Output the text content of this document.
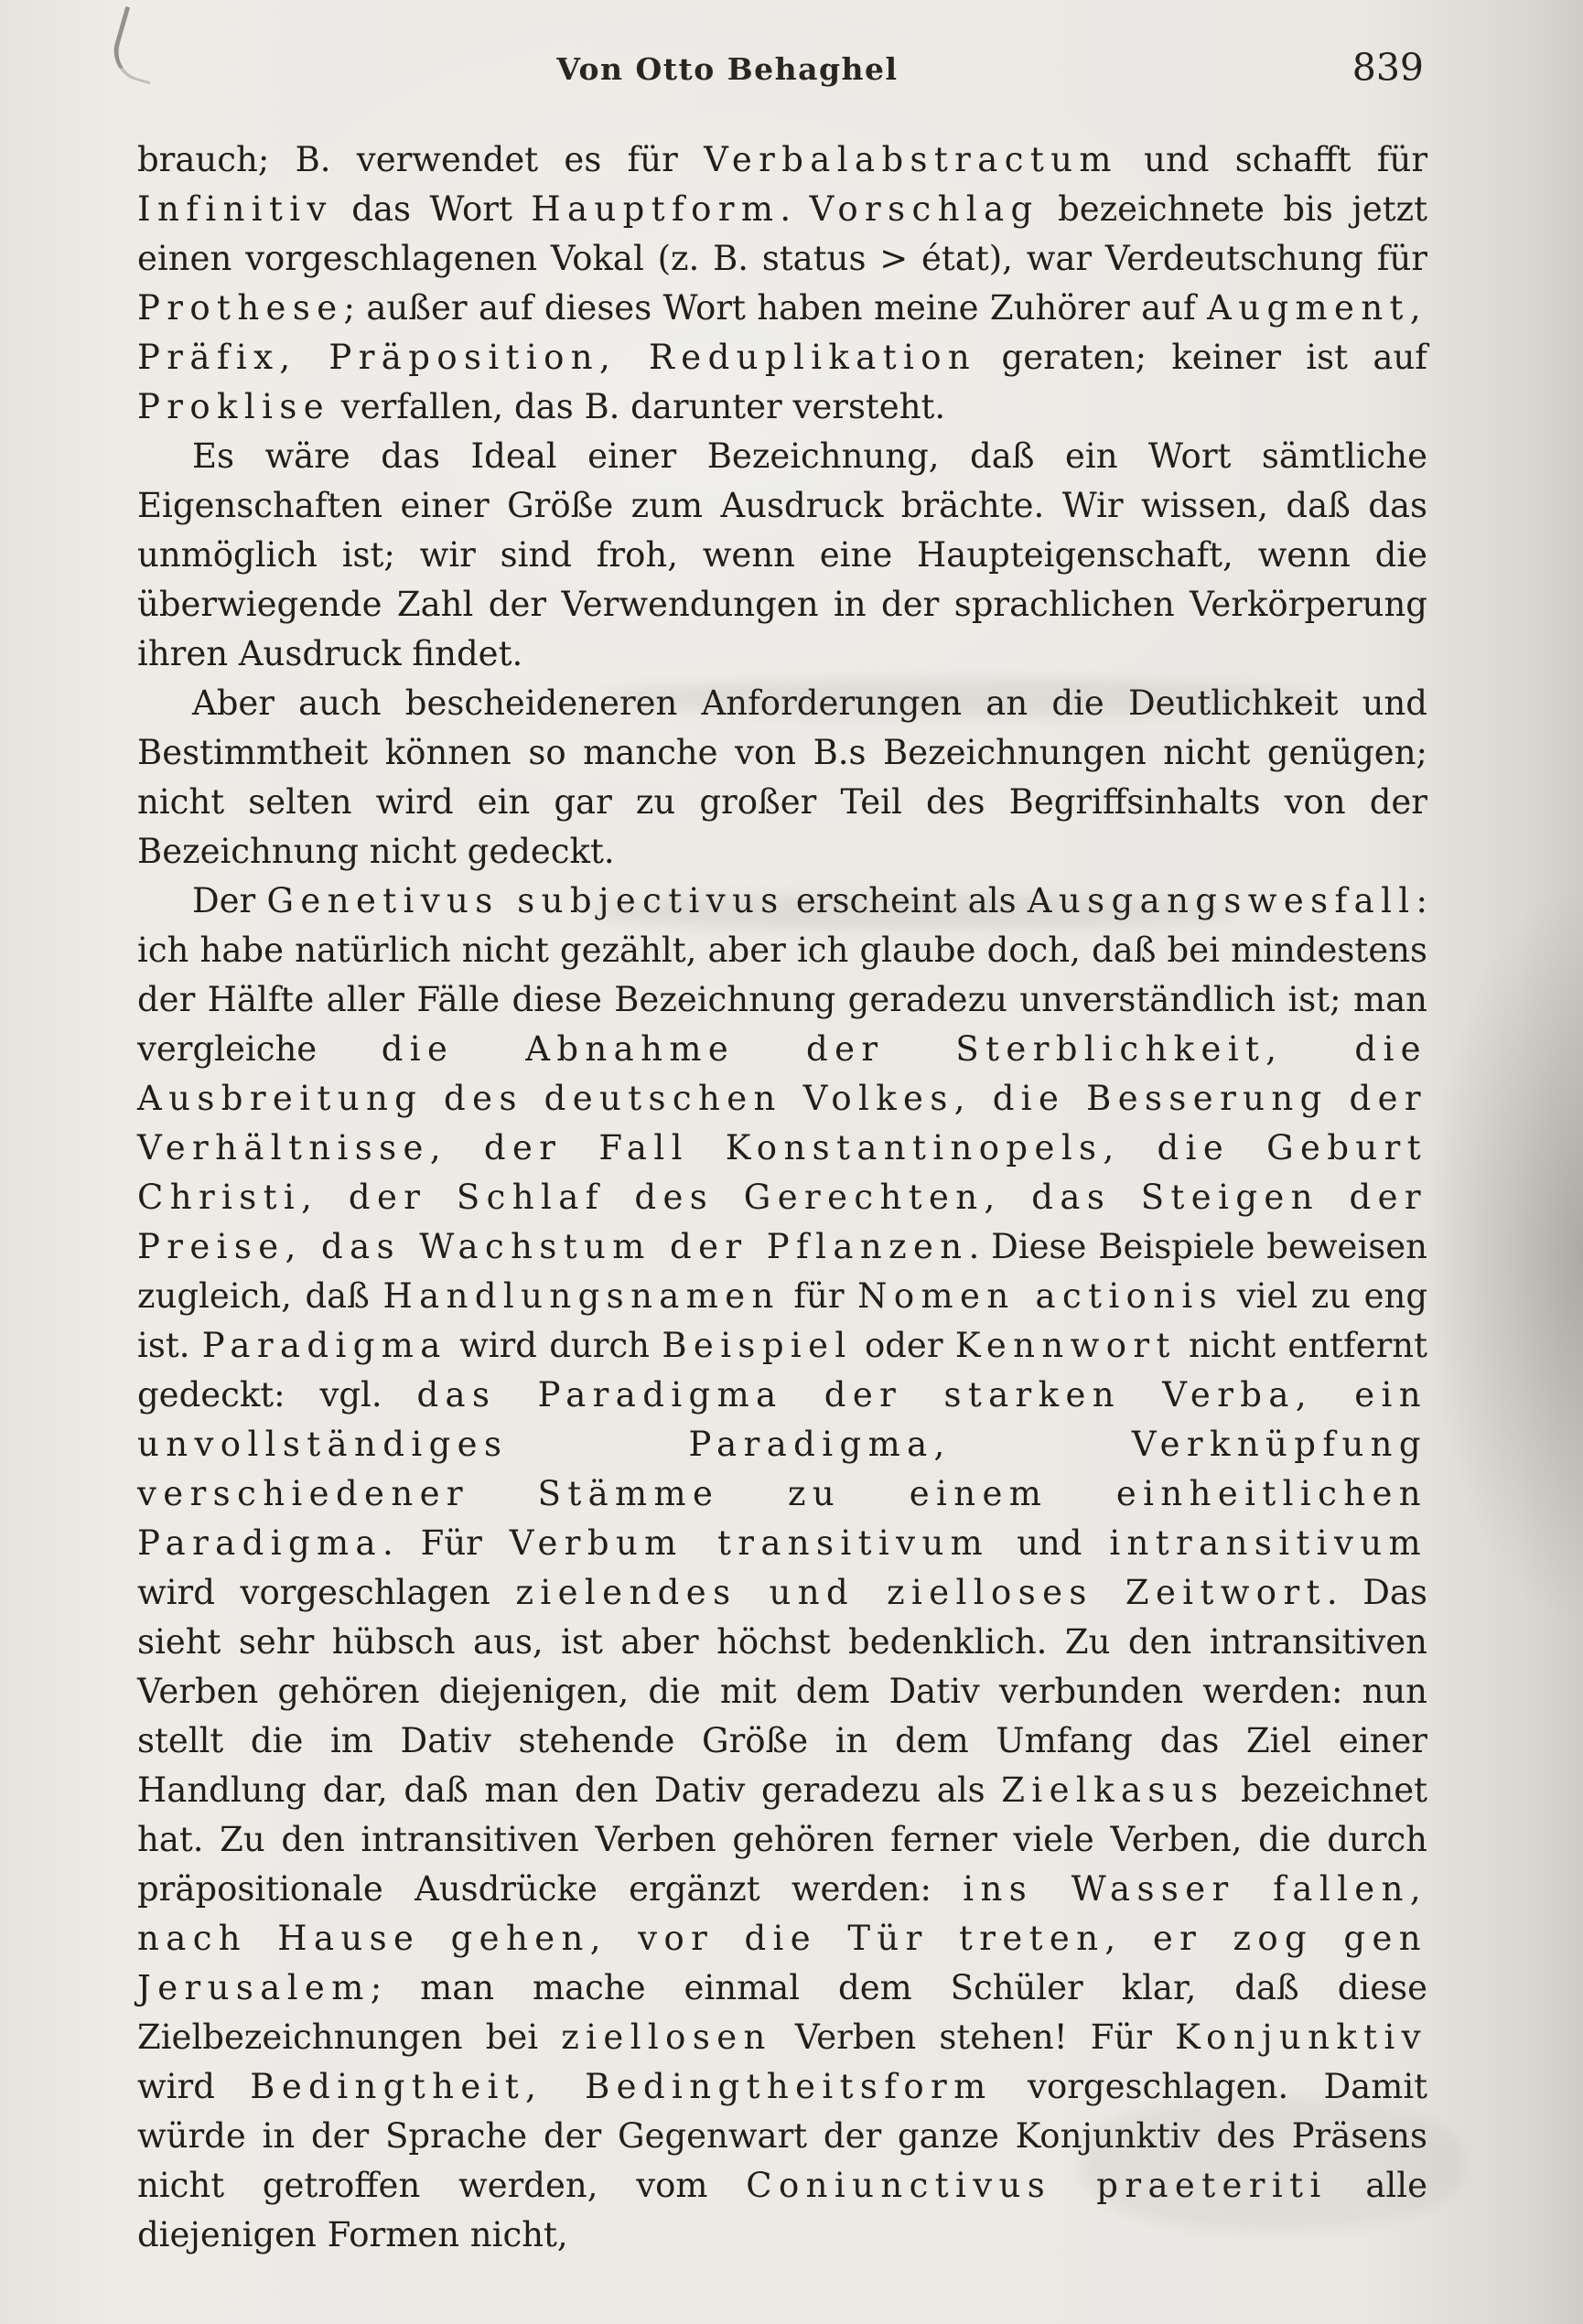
Von Otto Behaghel	839

brauch; B. verwendet es für Verbalabstractum und schafft für Infinitiv das Wort Hauptform. Vorschlag bezeichnete bis jetzt einen vorgeschlagenen Vokal (z. B. status > état), war Verdeutschung für Prothese; außer auf dieses Wort haben meine Zuhörer auf Augment, Präfix, Präposition, Reduplikation geraten; keiner ist auf Proklise verfallen, das B. darunter versteht.

Es wäre das Ideal einer Bezeichnung, daß ein Wort sämtliche Eigenschaften einer Größe zum Ausdruck brächte. Wir wissen, daß das unmöglich ist; wir sind froh, wenn eine Haupteigenschaft, wenn die überwiegende Zahl der Verwendungen in der sprachlichen Verkörperung ihren Ausdruck findet.

Aber auch bescheideneren Anforderungen an die Deutlichkeit und Bestimmtheit können so manche von B.s Bezeichnungen nicht genügen; nicht selten wird ein gar zu großer Teil des Begriffsinhalts von der Bezeichnung nicht gedeckt.

Der Genetivus subjectivus erscheint als Ausgangswesfall: ich habe natürlich nicht gezählt, aber ich glaube doch, daß bei mindestens der Hälfte aller Fälle diese Bezeichnung geradezu unverständlich ist; man vergleiche die Abnahme der Sterblichkeit, die Ausbreitung des deutschen Volkes, die Besserung der Verhältnisse, der Fall Konstantinopels, die Geburt Christi, der Schlaf des Gerechten, das Steigen der Preise, das Wachstum der Pflanzen. Diese Beispiele beweisen zugleich, daß Handlungsnamen für Nomen actionis viel zu eng ist. Paradigma wird durch Beispiel oder Kennwort nicht entfernt gedeckt: vgl. das Paradigma der starken Verba, ein unvollständiges Paradigma, Verknüpfung verschiedener Stämme zu einem einheitlichen Paradigma. Für Verbum transitivum und intransitivum wird vorgeschlagen zielendes und zielloses Zeitwort. Das sieht sehr hübsch aus, ist aber höchst bedenklich. Zu den intransitiven Verben gehören diejenigen, die mit dem Dativ verbunden werden: nun stellt die im Dativ stehende Größe in dem Umfang das Ziel einer Handlung dar, daß man den Dativ geradezu als Zielkasus bezeichnet hat. Zu den intransitiven Verben gehören ferner viele Verben, die durch präpositionale Ausdrücke ergänzt werden: ins Wasser fallen, nach Hause gehen, vor die Tür treten, er zog gen Jerusalem; man mache einmal dem Schüler klar, daß diese Zielbezeichnungen bei ziellosen Verben stehen! Für Konjunktiv wird Bedingtheit, Bedingtheitsform vorgeschlagen. Damit würde in der Sprache der Gegenwart der ganze Konjunktiv des Präsens nicht getroffen werden, vom Coniunctivus praeteriti alle diejenigen Formen nicht,
